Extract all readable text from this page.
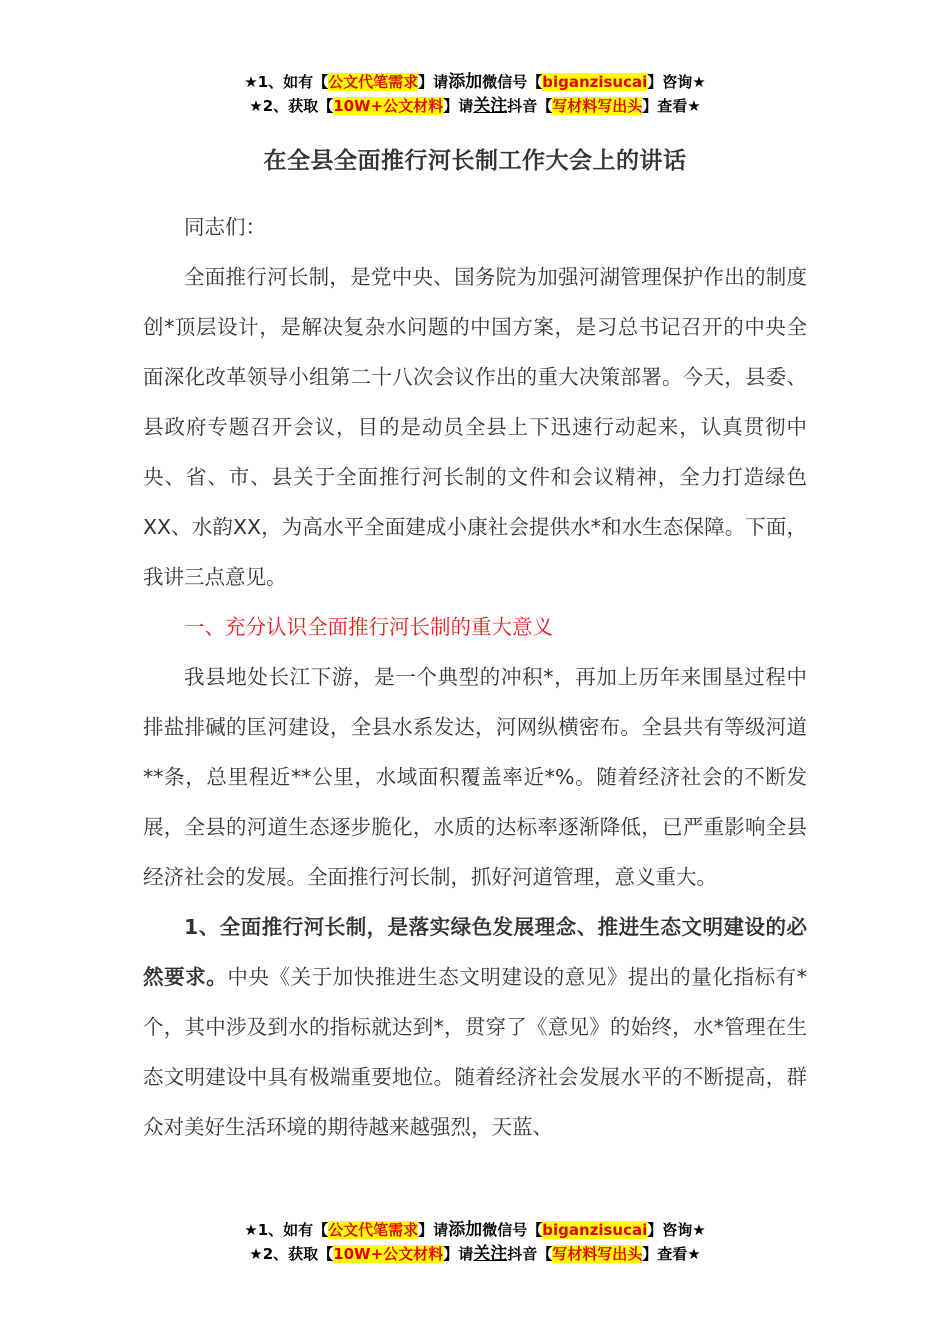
★1、如有【公文代笔需求】请添加微信号【biganzisucai】咨询★
★2、获取【10W+公文材料】请关注抖音【写材料写出头】查看★
在全县全面推行河长制工作大会上的讲话

同志们：

全面推行河长制，是党中央、国务院为加强河湖管理保护作出的制度创*顶层设计，是解决复杂水问题的中国方案，是习总书记召开的中央全面深化改革领导小组第二十八次会议作出的重大决策部署。今天，县委、县政府专题召开会议，目的是动员全县上下迅速行动起来，认真贯彻中央、省、市、县关于全面推行河长制的文件和会议精神，全力打造绿色XX、水韵XX，为高水平全面建成小康社会提供水*和水生态保障。下面，我讲三点意见。

一、充分认识全面推行河长制的重大意义

我县地处长江下游，是一个典型的冲积*，再加上历年来围垦过程中排盐排碱的匡河建设，全县水系发达，河网纵横密布。全县共有等级河道**条，总里程近**公里，水域面积覆盖率近*%。随着经济社会的不断发展，全县的河道生态逐步脆化，水质的达标率逐渐降低，已严重影响全县经济社会的发展。全面推行河长制，抓好河道管理，意义重大。

1、全面推行河长制，是落实绿色发展理念、推进生态文明建设的必然要求。中央《关于加快推进生态文明建设的意见》提出的量化指标有*个，其中涉及到水的指标就达到*，贯穿了《意见》的始终，水*管理在生态文明建设中具有极端重要地位。随着经济社会发展水平的不断提高，群众对美好生活环境的期待越来越强烈，天蓝、

★1、如有【公文代笔需求】请添加微信号【biganzisucai】咨询★
★2、获取【10W+公文材料】请关注抖音【写材料写出头】查看★
